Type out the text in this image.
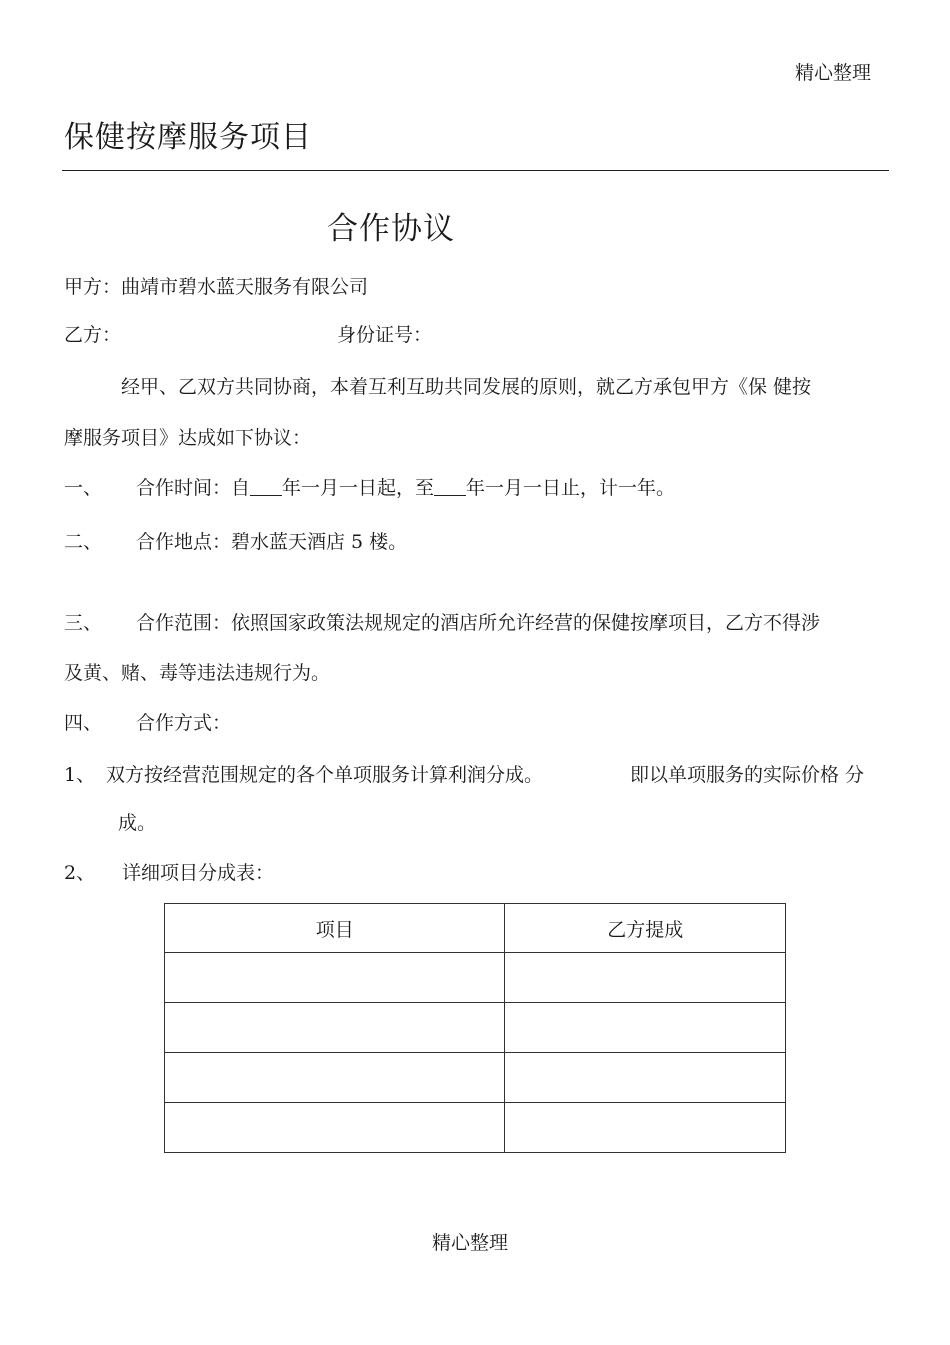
精心整理
保健按摩服务项目
合作协议
甲方：曲靖市碧水蓝天服务有限公司
乙方：	身份证号：
经甲、乙双方共同协商，本着互利互助共同发展的原则，就乙方承包甲方《保 健按
摩服务项目》达成如下协议：
一、 合作时间：自 年一月一日起，至 年一月一日止，计一年。
二、 合作地点：碧水蓝天酒店 5 楼。
三、 合作范围：依照国家政策法规规定的酒店所允许经营的保健按摩项目，乙方不得涉
及黄、赌、毒等违法违规行为。
四、 合作方式：
1、 双方按经营范围规定的各个单项服务计算利润分成。	即以单项服务的实际价格 分
成。
2、 详细项目分成表：
项目	乙方提成

精心整理
